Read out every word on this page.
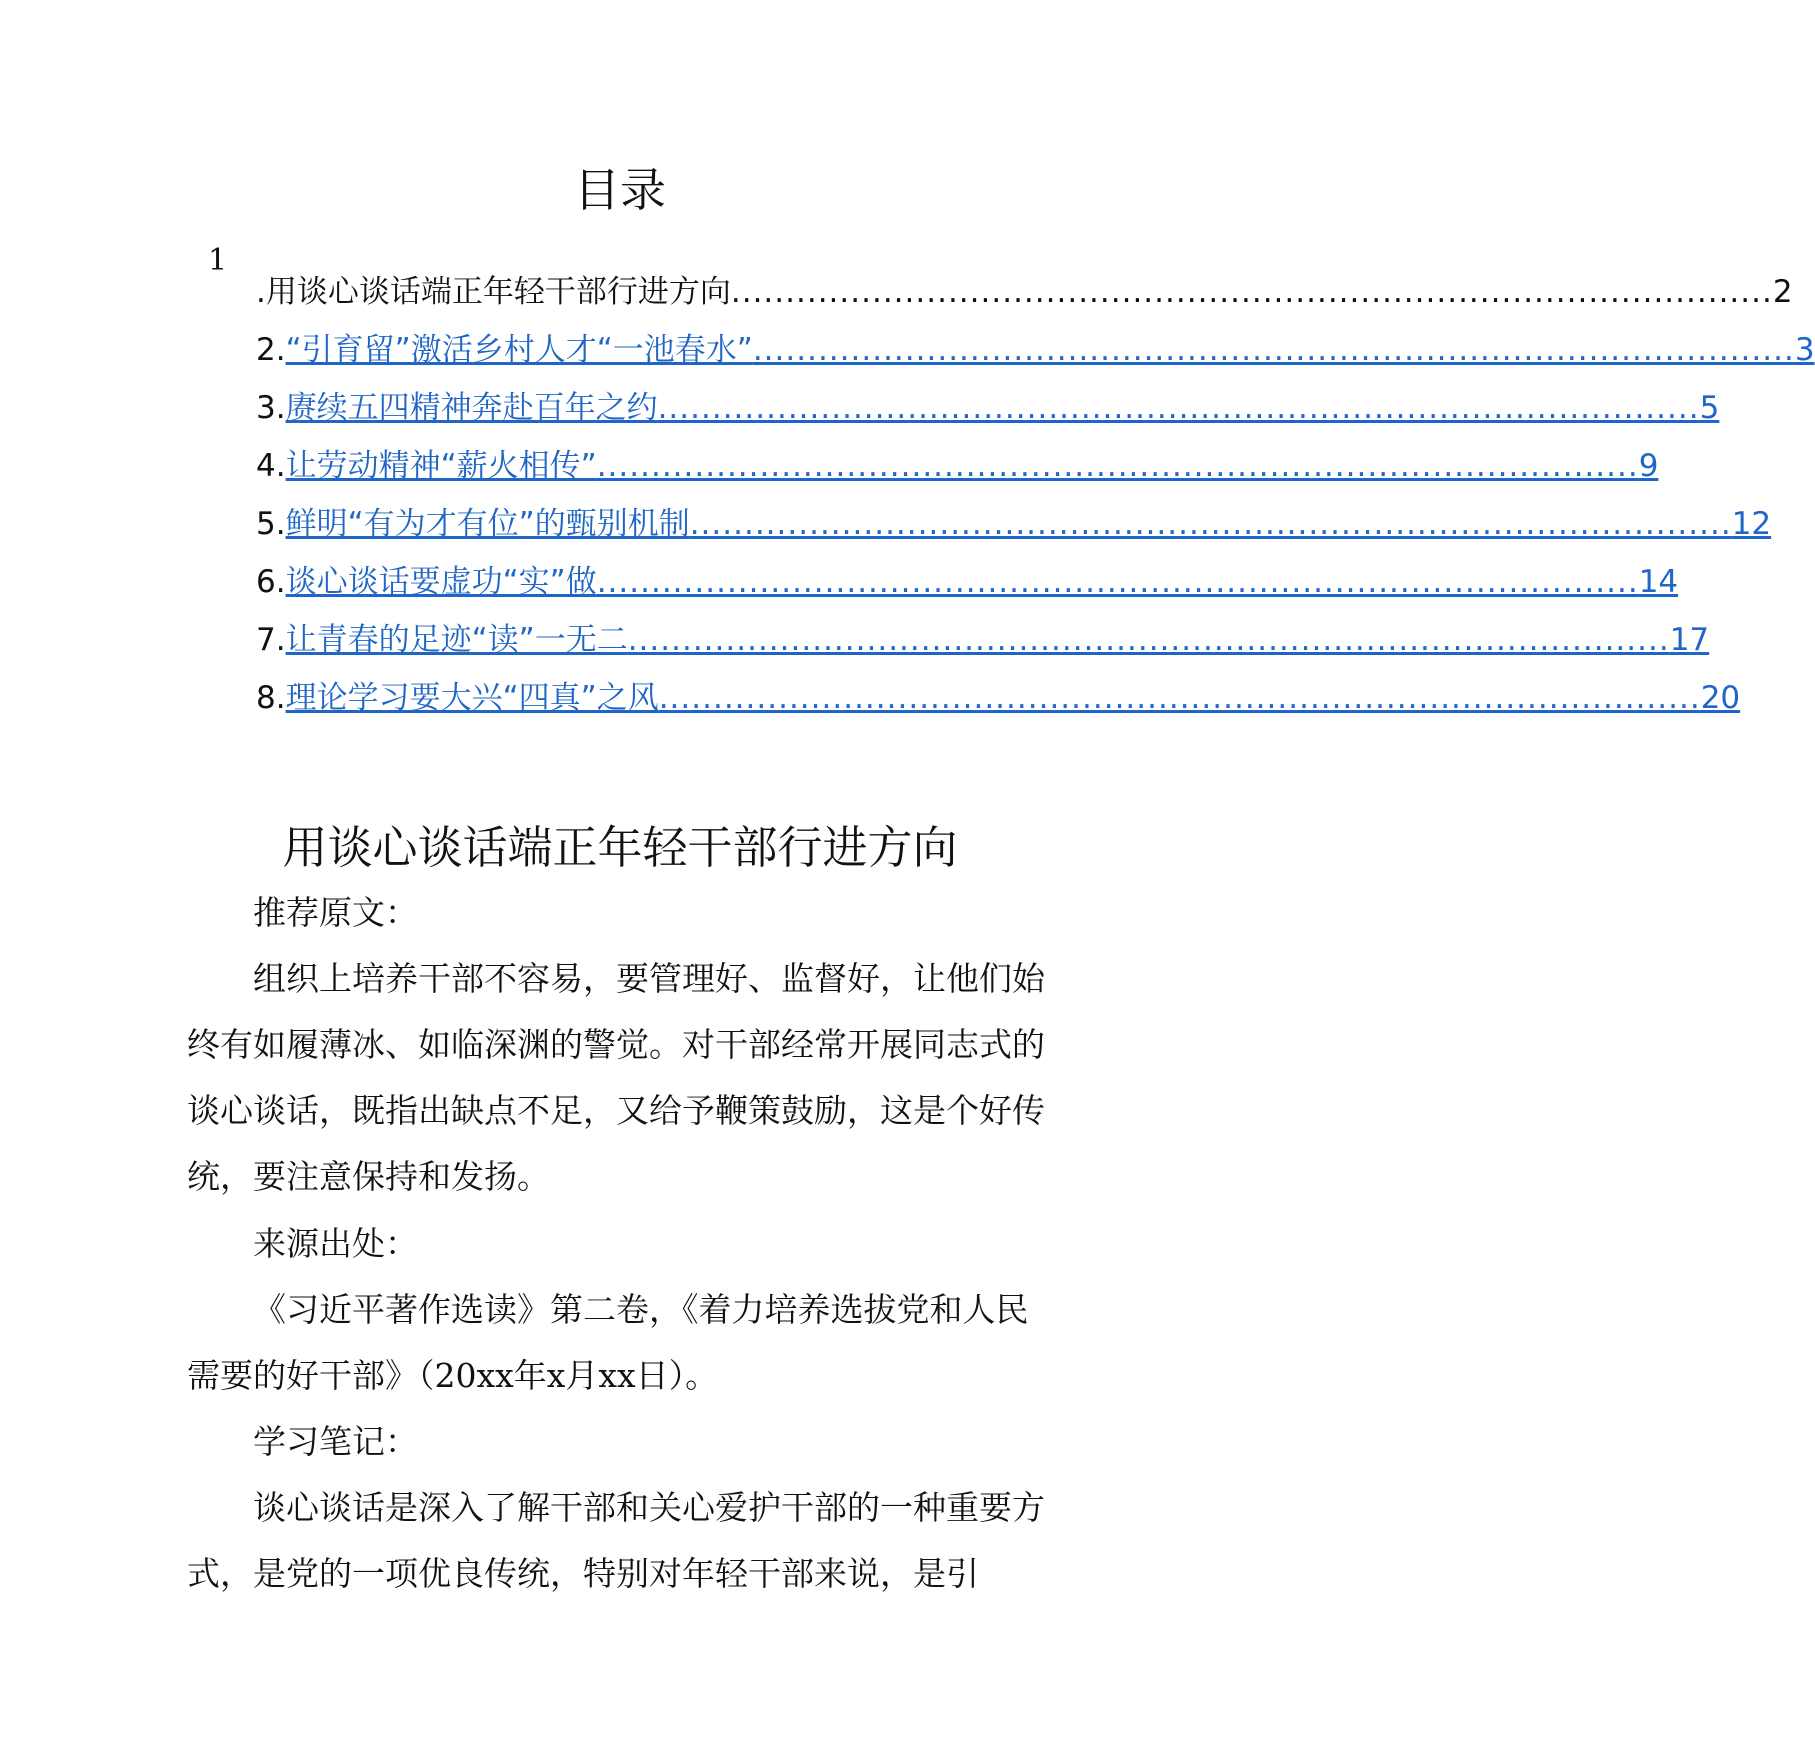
目录
1
.用谈心谈话端正年轻干部行进方向 ................................................................................................ 2
2.“引育留”激活乡村人才“一池春水” ................................................................................................ 3
3.赓续五四精神奔赴百年之约 ................................................................................................ 5
4.让劳动精神“薪火相传” ................................................................................................ 9
5.鲜明“有为才有位”的甄别机制 ................................................................................................ 12
6.谈心谈话要虚功“实”做 ................................................................................................ 14
7.让青春的足迹“读”一无二 ................................................................................................ 17
8.理论学习要大兴“四真”之风 ................................................................................................ 20
用谈心谈话端正年轻干部行进方向
推荐原文：
组织上培养干部不容易，要管理好、监督好，让他们始终有如履薄冰、如临深渊的警觉。对干部经常开展同志式的谈心谈话，既指出缺点不足，又给予鞭策鼓励，这是个好传统，要注意保持和发扬。
来源出处：
《习近平著作选读》第二卷，《着力培养选拔党和人民需要的好干部》（20xx年x月xx日）。
学习笔记：
谈心谈话是深入了解干部和关心爱护干部的一种重要方式，是党的一项优良传统，特别对年轻干部来说，是引
